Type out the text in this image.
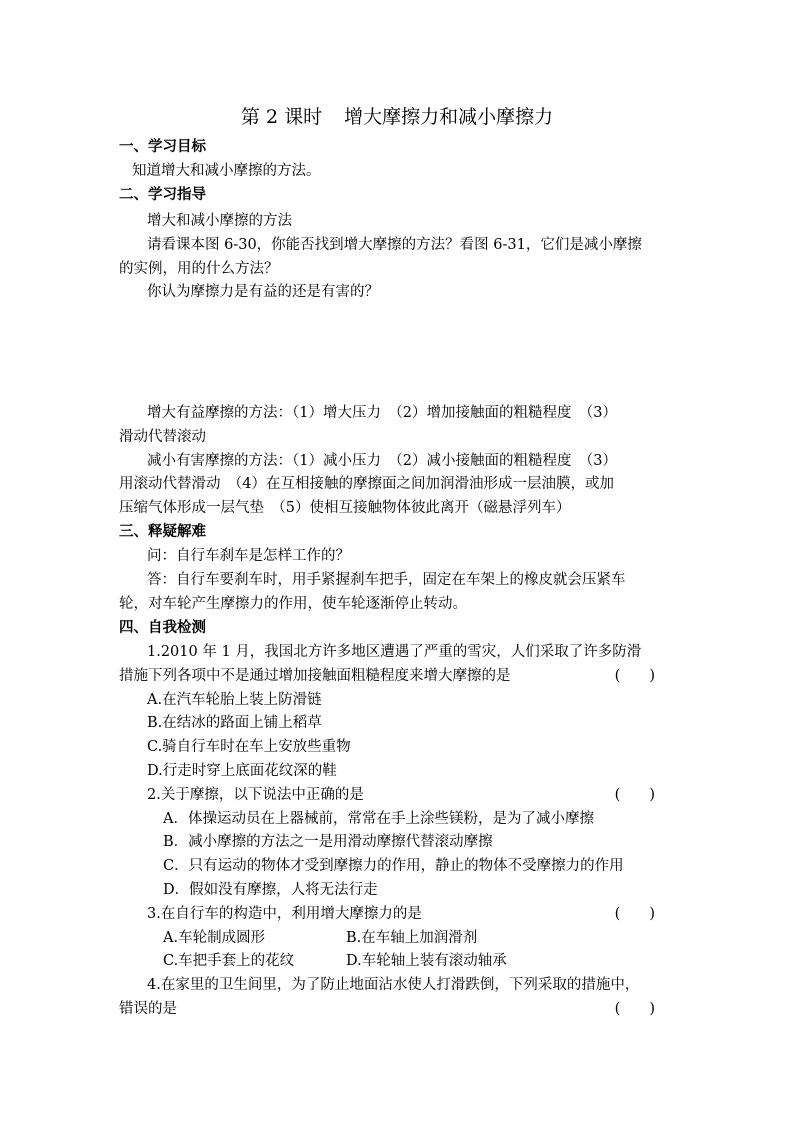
第 2 课时 增大摩擦力和减小摩擦力
一、学习目标
知道增大和减小摩擦的方法。
二、学习指导
增大和减小摩擦的方法
请看课本图 6-30，你能否找到增大摩擦的方法？看图 6-31，它们是减小摩擦
的实例，用的什么方法？
你认为摩擦力是有益的还是有害的？
增大有益摩擦的方法：（1）增大压力　（2）增加接触面的粗糙程度　（3）
滑动代替滚动
减小有害摩擦的方法：（1）减小压力　（2）减小接触面的粗糙程度　（3）
用滚动代替滑动　（4）在互相接触的摩擦面之间加润滑油形成一层油膜，或加
压缩气体形成一层气垫　（5）使相互接触物体彼此离开（磁悬浮列车）
三、释疑解难
问：自行车刹车是怎样工作的？
答：自行车要刹车时，用手紧握刹车把手，固定在车架上的橡皮就会压紧车
轮，对车轮产生摩擦力的作用，使车轮逐渐停止转动。
四、自我检测
1.2010 年 1 月，我国北方许多地区遭遇了严重的雪灾，人们采取了许多防滑
措施下列各项中不是通过增加接触面粗糙程度来增大摩擦的是	(　　)
A.在汽车轮胎上装上防滑链
B.在结冰的路面上铺上稻草
C.骑自行车时在车上安放些重物
D.行走时穿上底面花纹深的鞋
2.关于摩擦，以下说法中正确的是	(　　)
A．体操运动员在上器械前，常常在手上涂些镁粉，是为了减小摩擦
B．减小摩擦的方法之一是用滑动摩擦代替滚动摩擦
C．只有运动的物体才受到摩擦力的作用，静止的物体不受摩擦力的作用
D．假如没有摩擦，人将无法行走
3.在自行车的构造中，利用增大摩擦力的是	(　　)
A.车轮制成圆形	B.在车轴上加润滑剂
C.车把手套上的花纹	D.车轮轴上装有滚动轴承
4.在家里的卫生间里，为了防止地面沾水使人打滑跌倒，下列采取的措施中，
错误的是	(　　)
